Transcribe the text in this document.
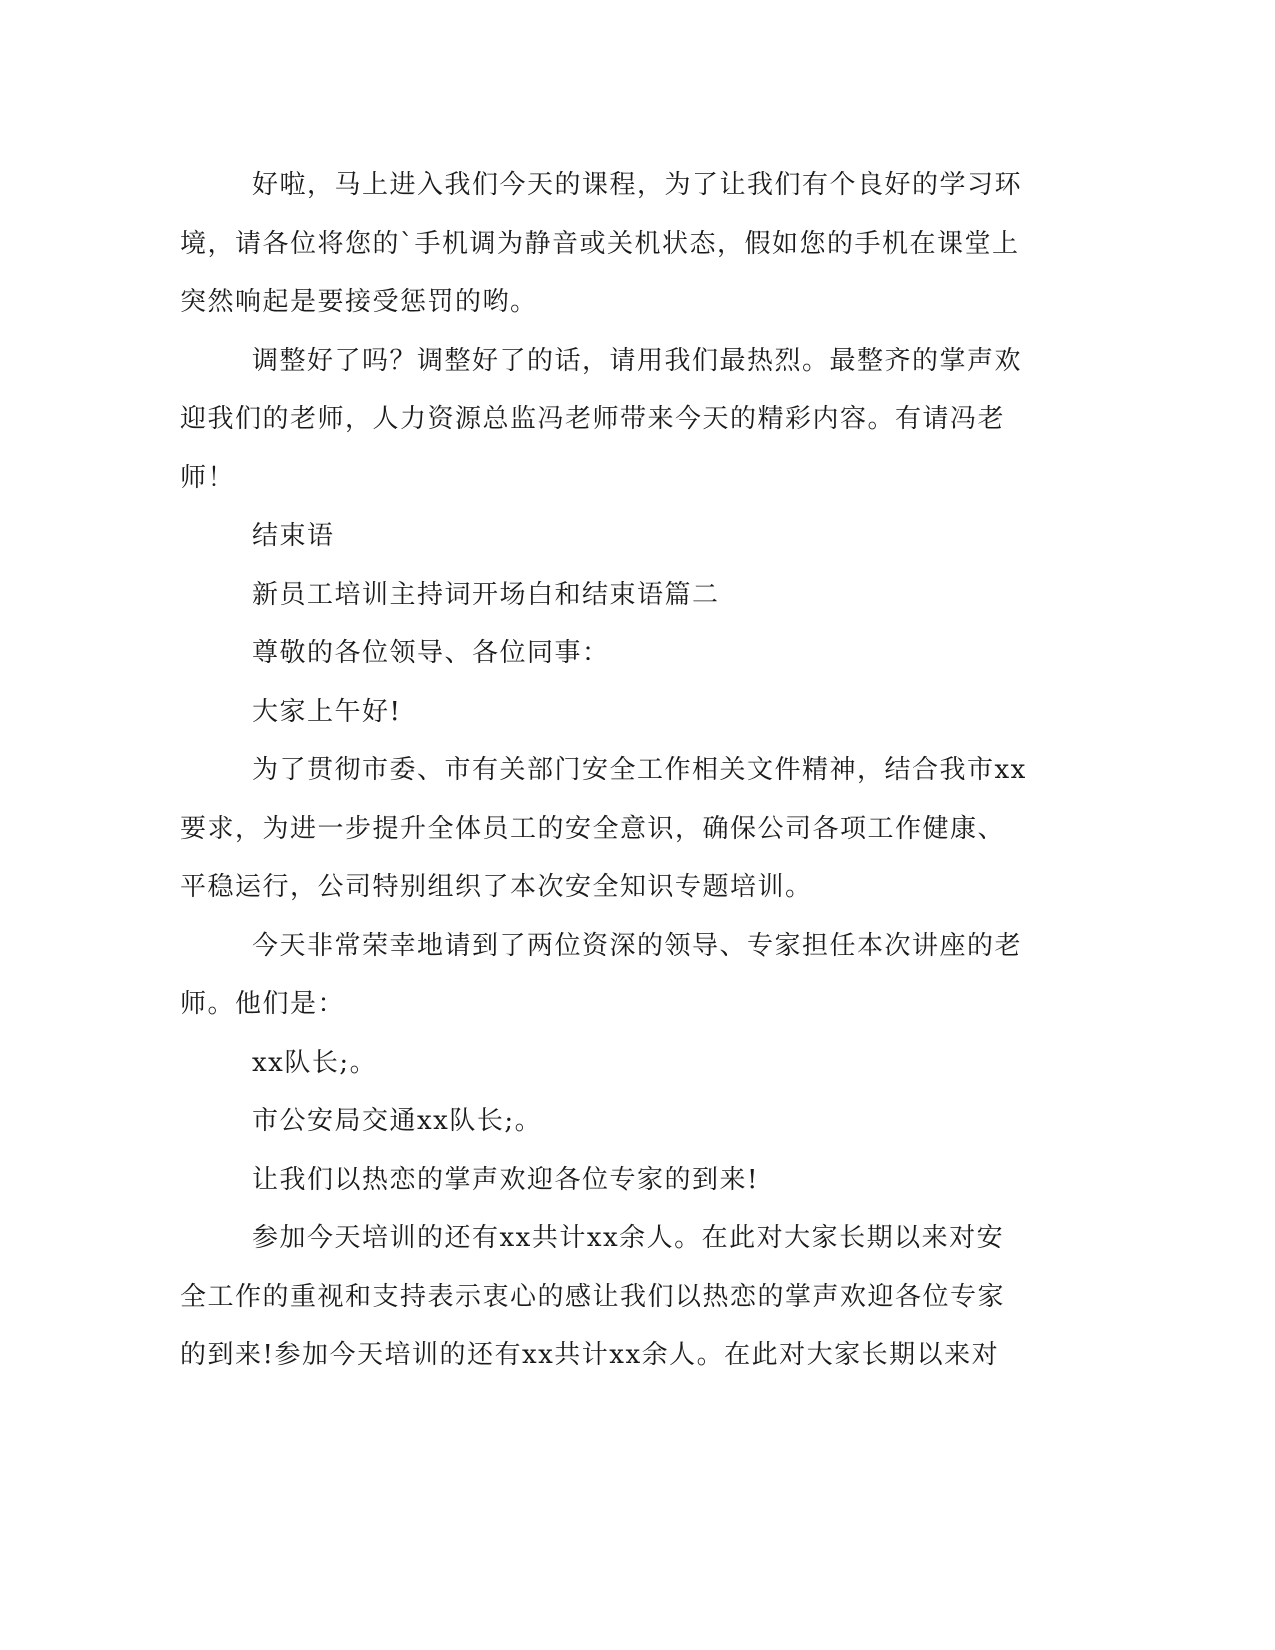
好啦，马上进入我们今天的课程，为了让我们有个良好的学习环
境，请各位将您的`手机调为静音或关机状态，假如您的手机在课堂上
突然响起是要接受惩罚的哟。
调整好了吗？调整好了的话，请用我们最热烈。最整齐的掌声欢
迎我们的老师，人力资源总监冯老师带来今天的精彩内容。有请冯老
师！
结束语
新员工培训主持词开场白和结束语篇二
尊敬的各位领导、各位同事：
大家上午好!
为了贯彻市委、市有关部门安全工作相关文件精神，结合我市xx
要求，为进一步提升全体员工的安全意识，确保公司各项工作健康、
平稳运行，公司特别组织了本次安全知识专题培训。
今天非常荣幸地请到了两位资深的领导、专家担任本次讲座的老
师。他们是：
xx队长;。
市公安局交通xx队长;。
让我们以热恋的掌声欢迎各位专家的到来!
参加今天培训的还有xx共计xx余人。在此对大家长期以来对安
全工作的重视和支持表示衷心的感让我们以热恋的掌声欢迎各位专家
的到来!参加今天培训的还有xx共计xx余人。在此对大家长期以来对
